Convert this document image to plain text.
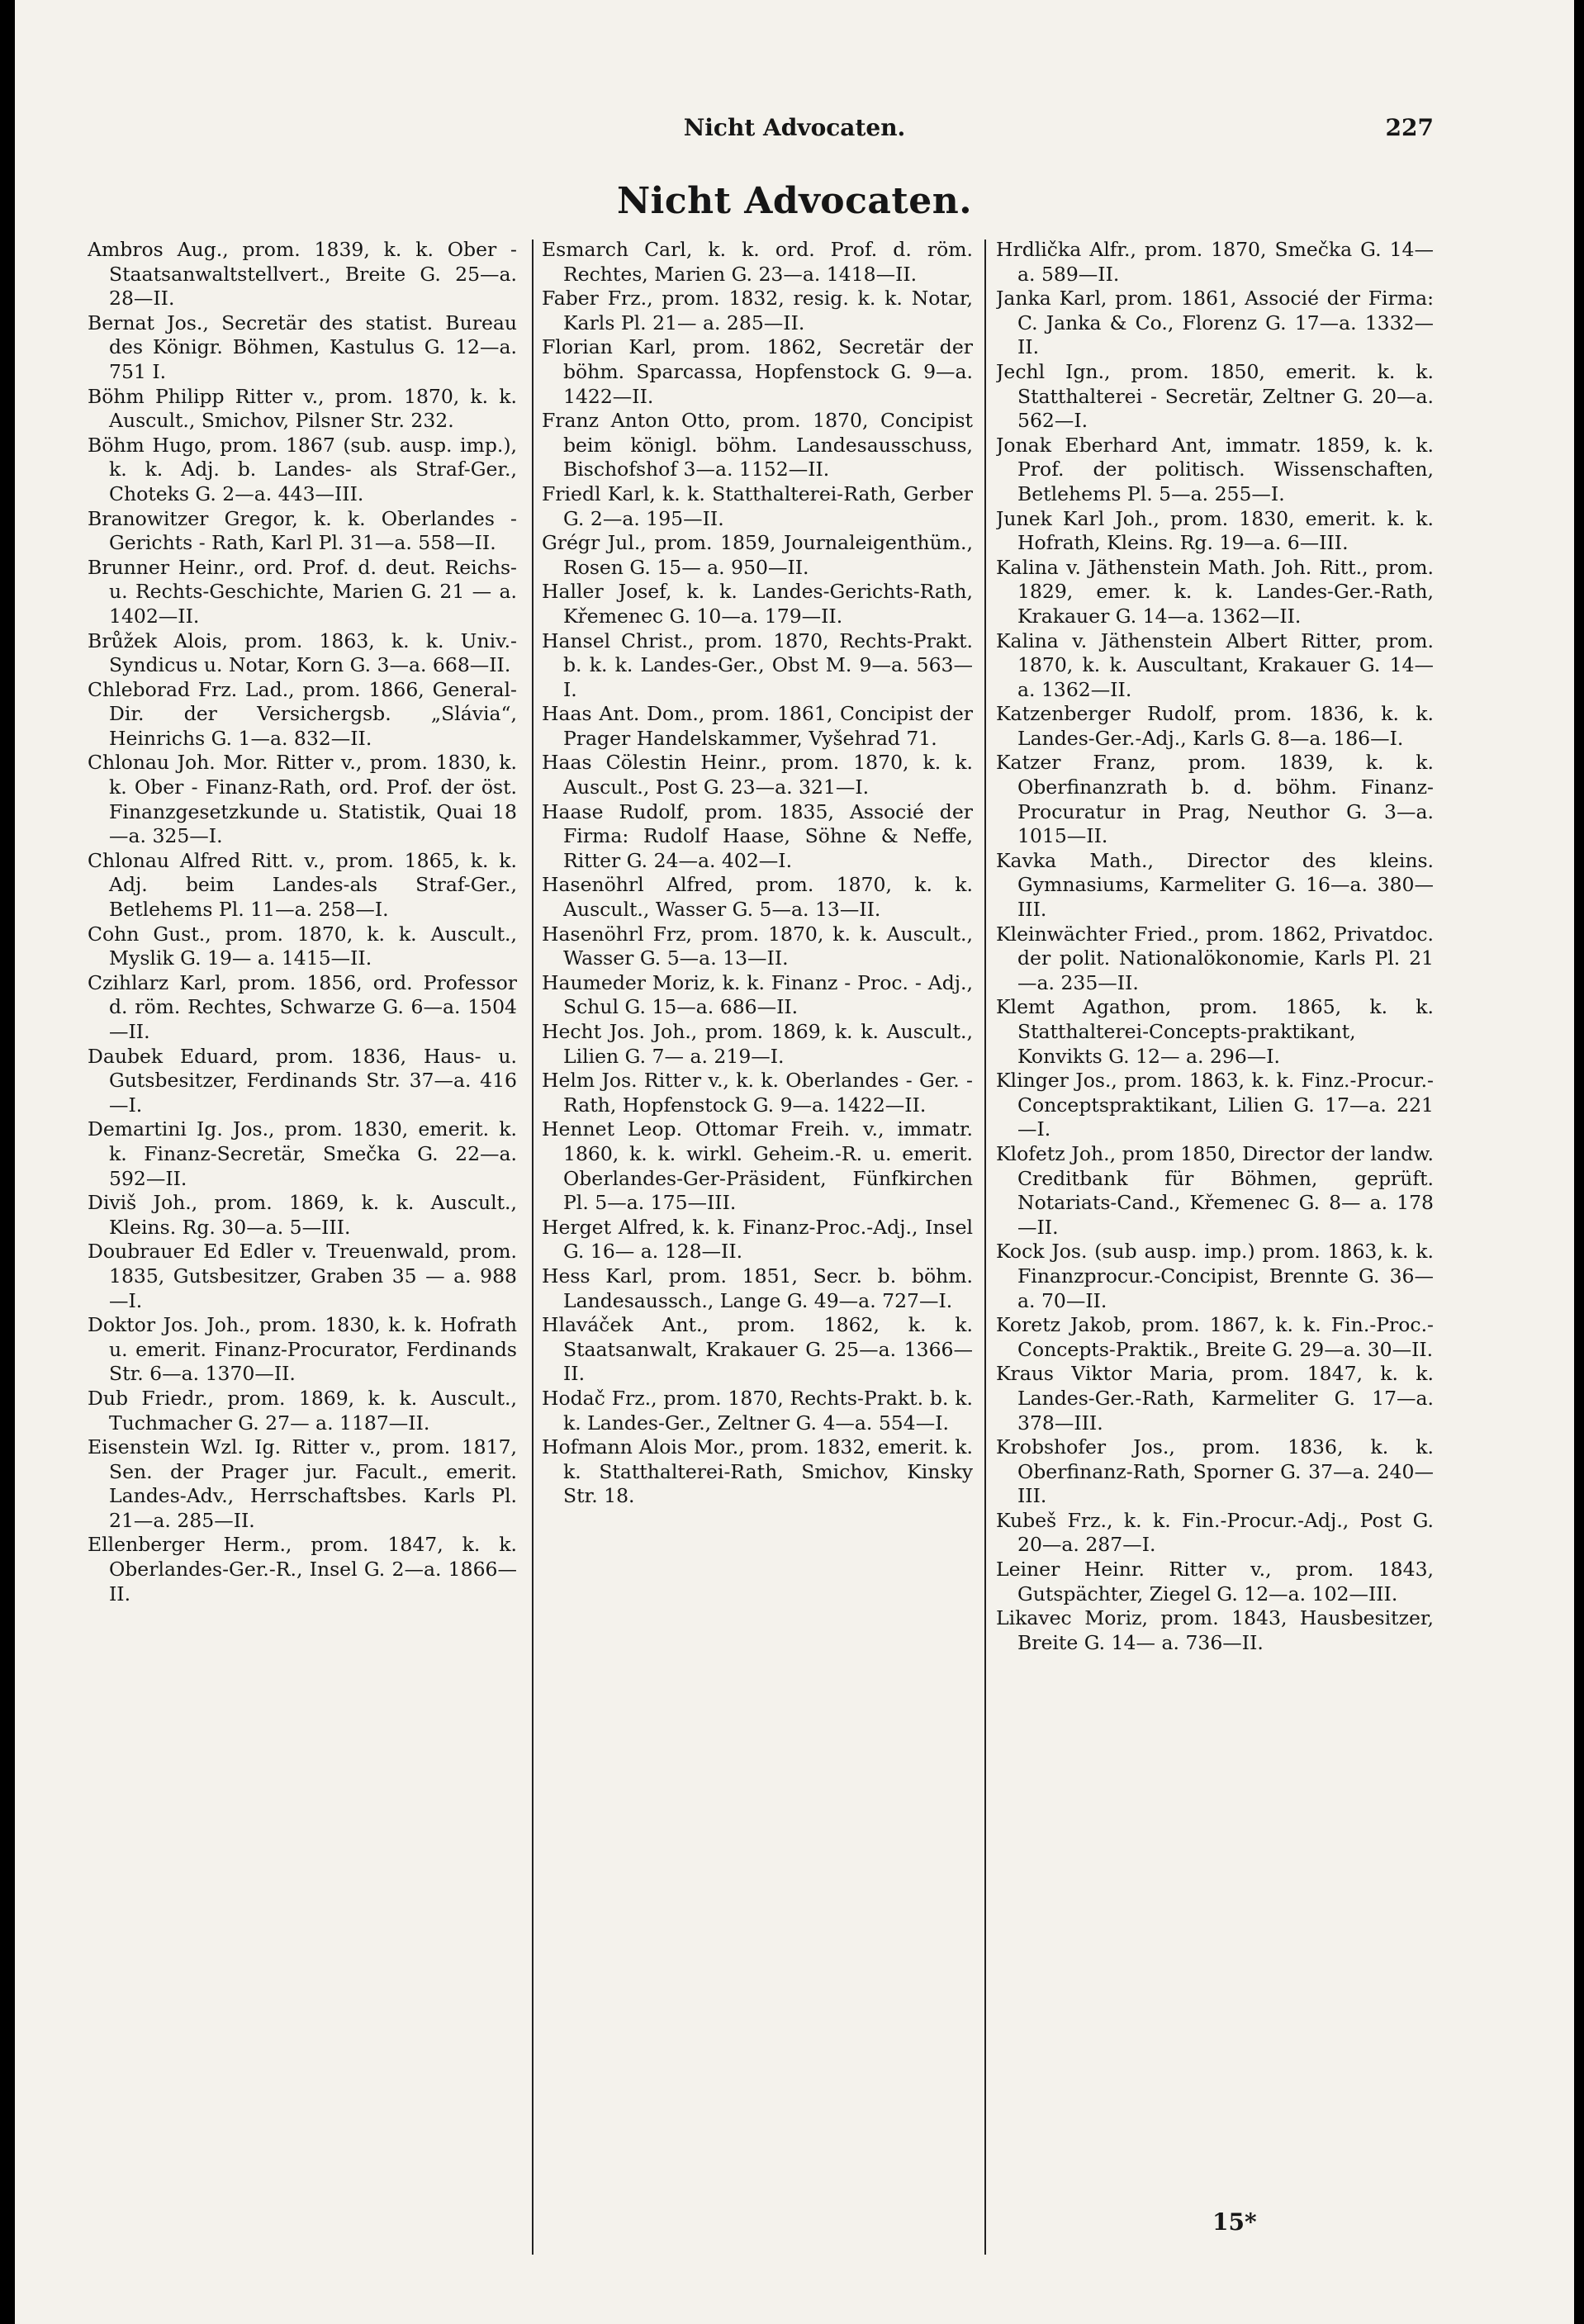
Nicht Advocaten.	227
Nicht Advocaten.

Ambros Aug., prom. 1839, k. k. Ober - Staatsanwaltstellvert., Breite G. 25—a. 28—II.

Bernat Jos., Secretär des statist. Bureau des Königr. Böhmen, Kastulus G. 12—a. 751 I.

Böhm Philipp Ritter v., prom. 1870, k. k. Auscult., Smichov, Pilsner Str. 232.

Böhm Hugo, prom. 1867 (sub. ausp. imp.), k. k. Adj. b. Landes- als Straf-Ger., Choteks G. 2—a. 443—III.

Branowitzer Gregor, k. k. Oberlandes - Gerichts - Rath, Karl Pl. 31—a. 558—II.

Brunner Heinr., ord. Prof. d. deut. Reichs- u. Rechts-Geschichte, Marien G. 21 — a. 1402—II.

Brůžek Alois, prom. 1863, k. k. Univ.-Syndicus u. Notar, Korn G. 3—a. 668—II.

Chleborad Frz. Lad., prom. 1866, General-Dir. der Versichergsb. „Slávia“, Heinrichs G. 1—a. 832—II.

Chlonau Joh. Mor. Ritter v., prom. 1830, k. k. Ober - Finanz-Rath, ord. Prof. der öst. Finanzgesetzkunde u. Statistik, Quai 18—a. 325—I.

Chlonau Alfred Ritt. v., prom. 1865, k. k. Adj. beim Landes-als Straf-Ger., Betlehems Pl. 11—a. 258—I.

Cohn Gust., prom. 1870, k. k. Auscult., Myslik G. 19— a. 1415—II.

Czihlarz Karl, prom. 1856, ord. Professor d. röm. Rechtes, Schwarze G. 6—a. 1504—II.

Daubek Eduard, prom. 1836, Haus- u. Gutsbesitzer, Ferdinands Str. 37—a. 416—I.

Demartini Ig. Jos., prom. 1830, emerit. k. k. Finanz-Secretär, Smečka G. 22—a. 592—II.

Diviš Joh., prom. 1869, k. k. Auscult., Kleins. Rg. 30—a. 5—III.

Doubrauer Ed Edler v. Treuenwald, prom. 1835, Gutsbesitzer, Graben 35 — a. 988—I.

Doktor Jos. Joh., prom. 1830, k. k. Hofrath u. emerit. Finanz-Procurator, Ferdinands Str. 6—a. 1370—II.

Dub Friedr., prom. 1869, k. k. Auscult., Tuchmacher G. 27— a. 1187—II.

Eisenstein Wzl. Ig. Ritter v., prom. 1817, Sen. der Prager jur. Facult., emerit. Landes-Adv., Herrschaftsbes. Karls Pl. 21—a. 285—II.

Ellenberger Herm., prom. 1847, k. k. Oberlandes-Ger.-R., Insel G. 2—a. 1866—II.

Esmarch Carl, k. k. ord. Prof. d. röm. Rechtes, Marien G. 23—a. 1418—II.

Faber Frz., prom. 1832, resig. k. k. Notar, Karls Pl. 21— a. 285—II.

Florian Karl, prom. 1862, Secretär der böhm. Sparcassa, Hopfenstock G. 9—a. 1422—II.

Franz Anton Otto, prom. 1870, Concipist beim königl. böhm. Landesausschuss, Bischofshof 3—a. 1152—II.

Friedl Karl, k. k. Statthalterei-Rath, Gerber G. 2—a. 195—II.

Grégr Jul., prom. 1859, Journaleigenthüm., Rosen G. 15— a. 950—II.

Haller Josef, k. k. Landes-Gerichts-Rath, Křemenec G. 10—a. 179—II.

Hansel Christ., prom. 1870, Rechts-Prakt. b. k. k. Landes-Ger., Obst M. 9—a. 563—I.

Haas Ant. Dom., prom. 1861, Concipist der Prager Handelskammer, Vyšehrad 71.

Haas Cölestin Heinr., prom. 1870, k. k. Auscult., Post G. 23—a. 321—I.

Haase Rudolf, prom. 1835, Associé der Firma: Rudolf Haase, Söhne & Neffe, Ritter G. 24—a. 402—I.

Hasenöhrl Alfred, prom. 1870, k. k. Auscult., Wasser G. 5—a. 13—II.

Hasenöhrl Frz, prom. 1870, k. k. Auscult., Wasser G. 5—a. 13—II.

Haumeder Moriz, k. k. Finanz - Proc. - Adj., Schul G. 15—a. 686—II.

Hecht Jos. Joh., prom. 1869, k. k. Auscult., Lilien G. 7— a. 219—I.

Helm Jos. Ritter v., k. k. Oberlandes - Ger. - Rath, Hopfenstock G. 9—a. 1422—II.

Hennet Leop. Ottomar Freih. v., immatr. 1860, k. k. wirkl. Geheim.-R. u. emerit. Oberlandes-Ger-Präsident, Fünfkirchen Pl. 5—a. 175—III.

Herget Alfred, k. k. Finanz-Proc.-Adj., Insel G. 16— a. 128—II.

Hess Karl, prom. 1851, Secr. b. böhm. Landesaussch., Lange G. 49—a. 727—I.

Hlaváček Ant., prom. 1862, k. k. Staatsanwalt, Krakauer G. 25—a. 1366—II.

Hodač Frz., prom. 1870, Rechts-Prakt. b. k. k. Landes-Ger., Zeltner G. 4—a. 554—I.

Hofmann Alois Mor., prom. 1832, emerit. k. k. Statthalterei-Rath, Smichov, Kinsky Str. 18.

Hrdlička Alfr., prom. 1870, Smečka G. 14—a. 589—II.

Janka Karl, prom. 1861, Associé der Firma: C. Janka & Co., Florenz G. 17—a. 1332—II.

Jechl Ign., prom. 1850, emerit. k. k. Statthalterei - Secretär, Zeltner G. 20—a. 562—I.

Jonak Eberhard Ant, immatr. 1859, k. k. Prof. der politisch. Wissenschaften, Betlehems Pl. 5—a. 255—I.

Junek Karl Joh., prom. 1830, emerit. k. k. Hofrath, Kleins. Rg. 19—a. 6—III.

Kalina v. Jäthenstein Math. Joh. Ritt., prom. 1829, emer. k. k. Landes-Ger.-Rath, Krakauer G. 14—a. 1362—II.

Kalina v. Jäthenstein Albert Ritter, prom. 1870, k. k. Auscultant, Krakauer G. 14— a. 1362—II.

Katzenberger Rudolf, prom. 1836, k. k. Landes-Ger.-Adj., Karls G. 8—a. 186—I.

Katzer Franz, prom. 1839, k. k. Oberfinanzrath b. d. böhm. Finanz-Procuratur in Prag, Neuthor G. 3—a. 1015—II.

Kavka Math., Director des kleins. Gymnasiums, Karmeliter G. 16—a. 380—III.

Kleinwächter Fried., prom. 1862, Privatdoc. der polit. Nationalökonomie, Karls Pl. 21—a. 235—II.

Klemt Agathon, prom. 1865, k. k. Statthalterei-Concepts-praktikant, Konvikts G. 12— a. 296—I.

Klinger Jos., prom. 1863, k. k. Finz.-Procur.-Conceptspraktikant, Lilien G. 17—a. 221—I.

Klofetz Joh., prom 1850, Director der landw. Creditbank für Böhmen, geprüft. Notariats-Cand., Křemenec G. 8— a. 178—II.

Kock Jos. (sub ausp. imp.) prom. 1863, k. k. Finanzprocur.-Concipist, Brennte G. 36— a. 70—II.

Koretz Jakob, prom. 1867, k. k. Fin.-Proc.-Concepts-Praktik., Breite G. 29—a. 30—II.

Kraus Viktor Maria, prom. 1847, k. k. Landes-Ger.-Rath, Karmeliter G. 17—a. 378—III.

Krobshofer Jos., prom. 1836, k. k. Oberfinanz-Rath, Sporner G. 37—a. 240—III.

Kubeš Frz., k. k. Fin.-Procur.-Adj., Post G. 20—a. 287—I.

Leiner Heinr. Ritter v., prom. 1843, Gutspächter, Ziegel G. 12—a. 102—III.

Likavec Moriz, prom. 1843, Hausbesitzer, Breite G. 14— a. 736—II.

15*
